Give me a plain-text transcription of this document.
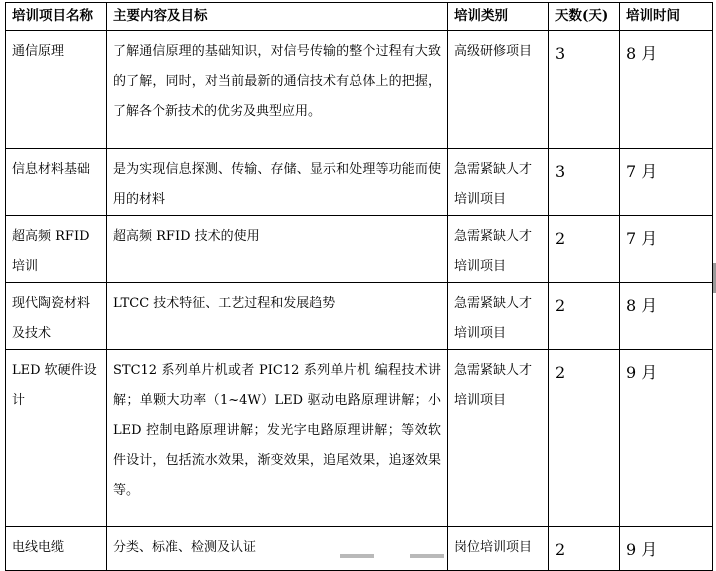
培训项目名称	主要内容及目标	培训类别	天数(天)	培训时间
通信原理	了解通信原理的基础知识，对信号传输的整个过程有大致的了解，同时，对当前最新的通信技术有总体上的把握，了解各个新技术的优劣及典型应用。	高级研修项目	3	8 月
信息材料基础	是为实现信息探测、传输、存储、显示和处理等功能而使用的材料	急需紧缺人才培训项目	3	7 月
超高频 RFID 培训	超高频 RFID 技术的使用	急需紧缺人才培训项目	2	7 月
现代陶瓷材料及技术	LTCC 技术特征、工艺过程和发展趋势	急需紧缺人才培训项目	2	8 月
LED 软硬件设计	STC12 系列单片机或者 PIC12 系列单片机 编程技术讲解；单颗大功率（1~4W）LED 驱动电路原理讲解；小 LED 控制电路原理讲解；发光字电路原理讲解；等效软件设计，包括流水效果，渐变效果，追尾效果，追逐效果等。	急需紧缺人才培训项目	2	9 月
电线电缆	分类、标准、检测及认证	岗位培训项目	2	9 月
